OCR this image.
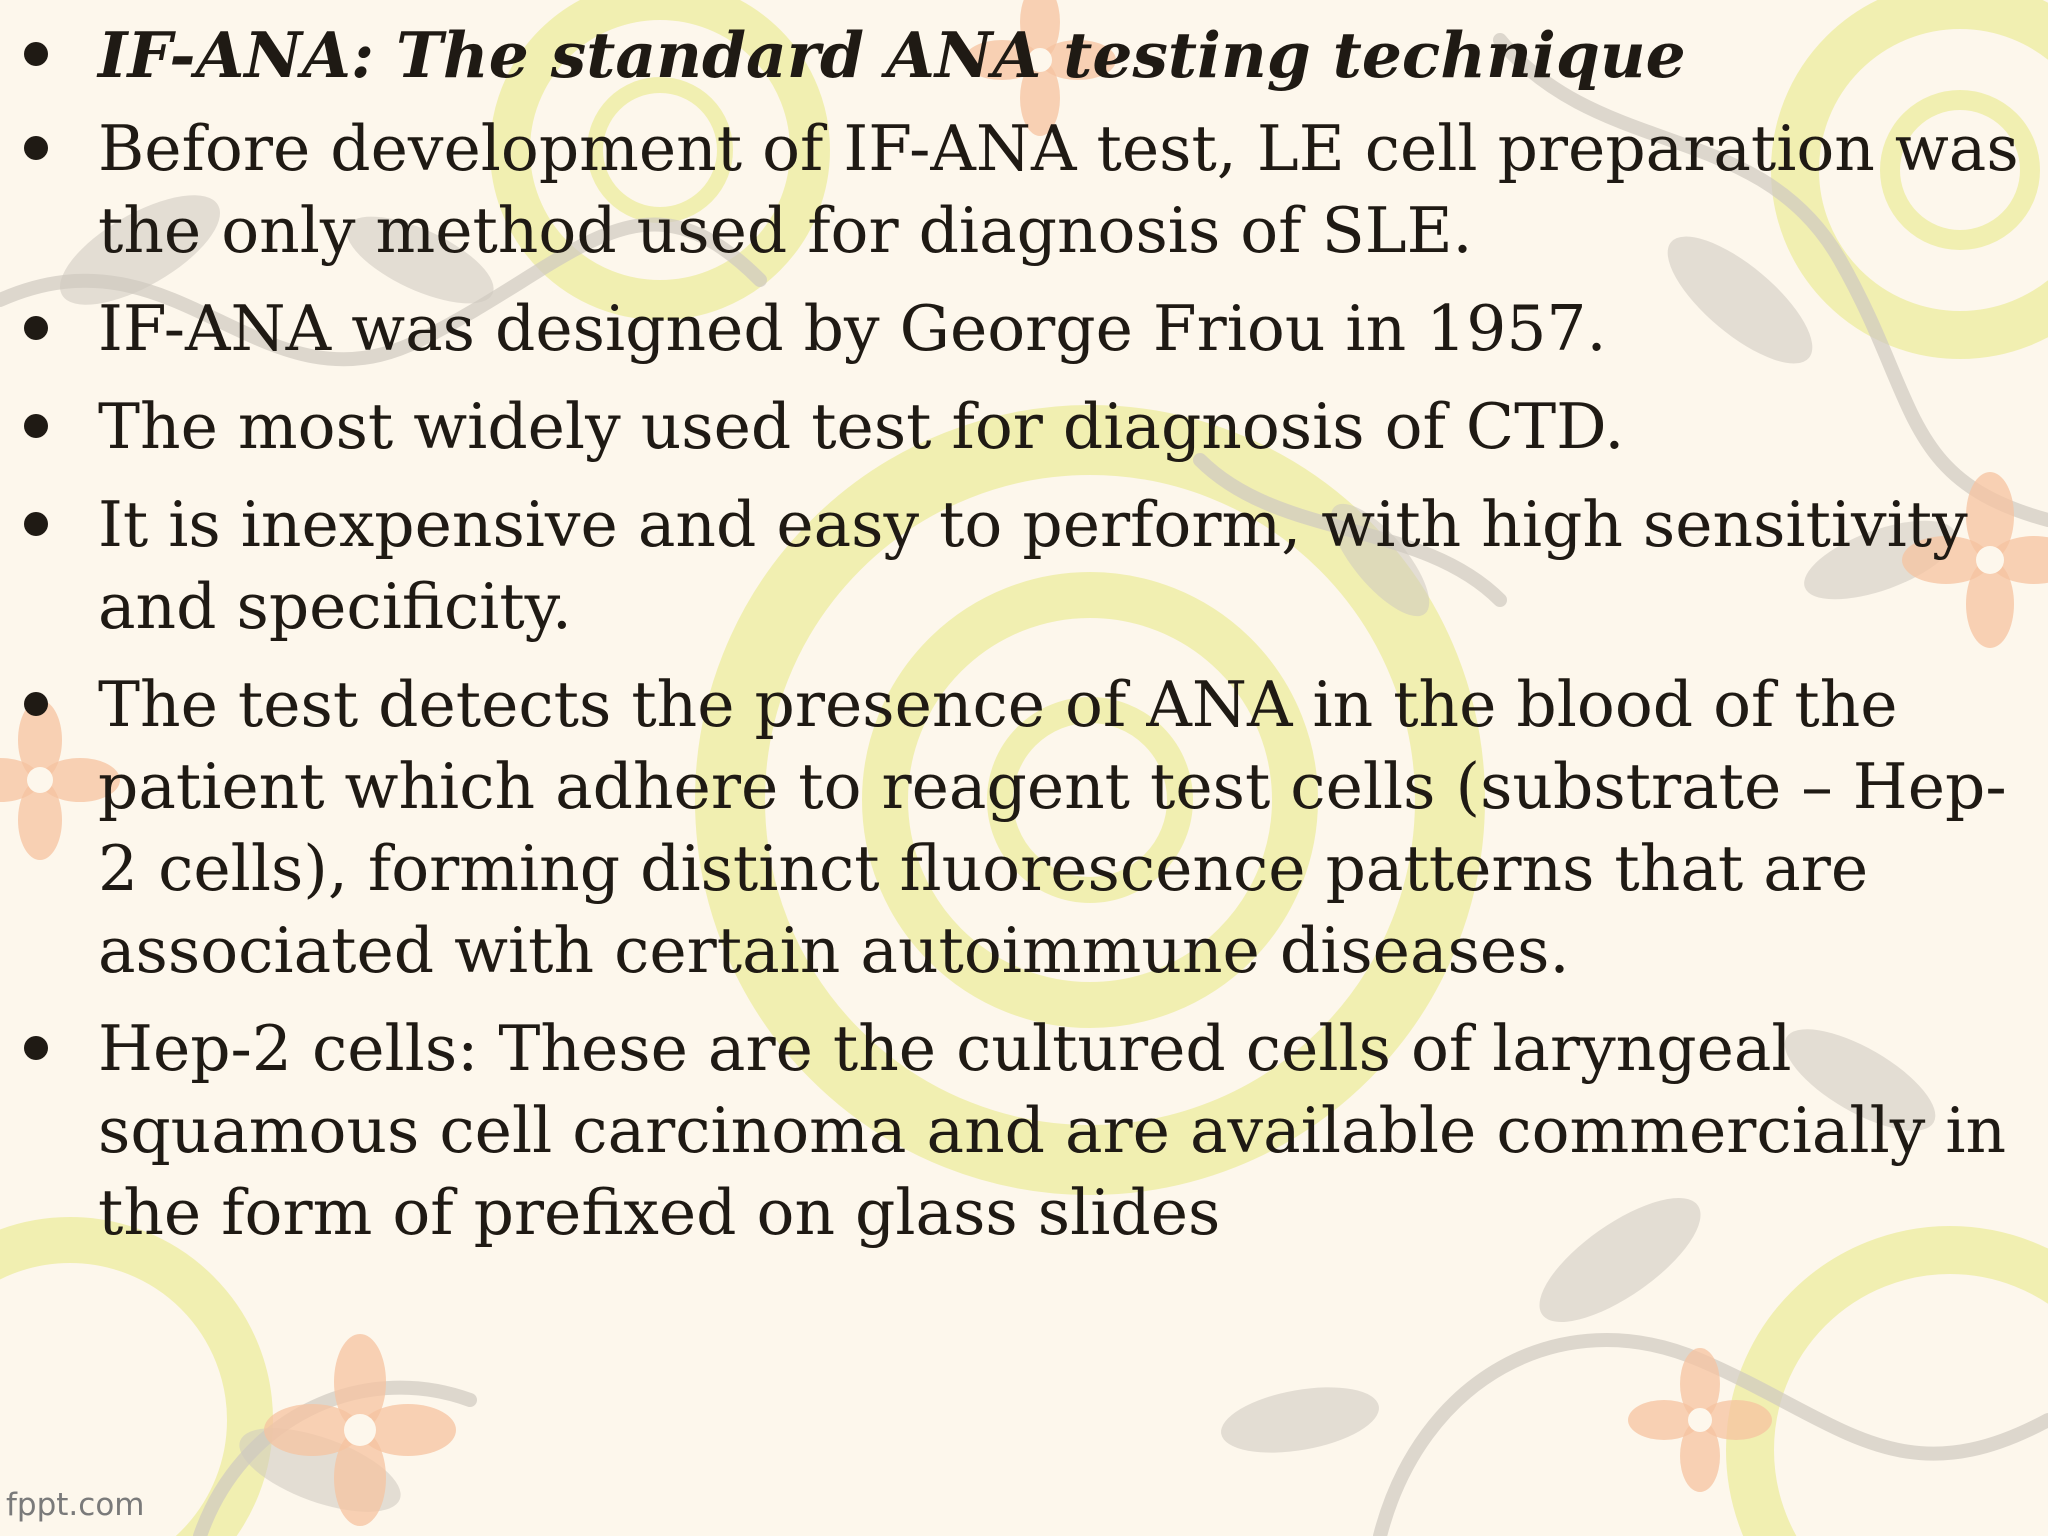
IF-ANA: The standard ANA testing technique
Before development of IF-ANA test, LE cell preparation was the only method used for diagnosis of SLE.
IF-ANA was designed by George Friou in 1957.
The most widely used test for diagnosis of CTD.
It is inexpensive and easy to perform, with high sensitivity and specificity.
The test detects the presence of ANA in the blood of the patient which adhere to reagent test cells (substrate – Hep-2 cells), forming distinct fluorescence patterns that are associated with certain autoimmune diseases.
Hep-2 cells: These are the cultured cells of laryngeal squamous cell carcinoma and are available commercially in the form of prefixed on glass slides
fppt.com
